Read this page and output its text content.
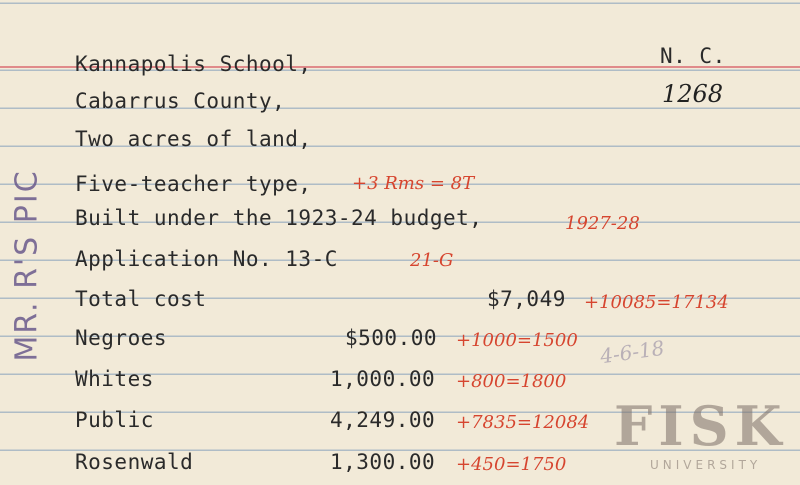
MR. R'S PIC
N. C.
1268
Kannapolis School,
Cabarrus County,
Two acres of land,
Five-teacher type, +3 Rms = 8T
Built under the 1923-24 budget,	1927-28
Application No. 13-C	21-G
Total cost	$7,049 +10085=17134
Negroes	$500.00 +1000=1500 4-6-18
Whites	1,000.00 +800=1800
Public	4,249.00 +7835=12084
Rosenwald	1,300.00 +450=1750
FISK
UNIVERSITY
